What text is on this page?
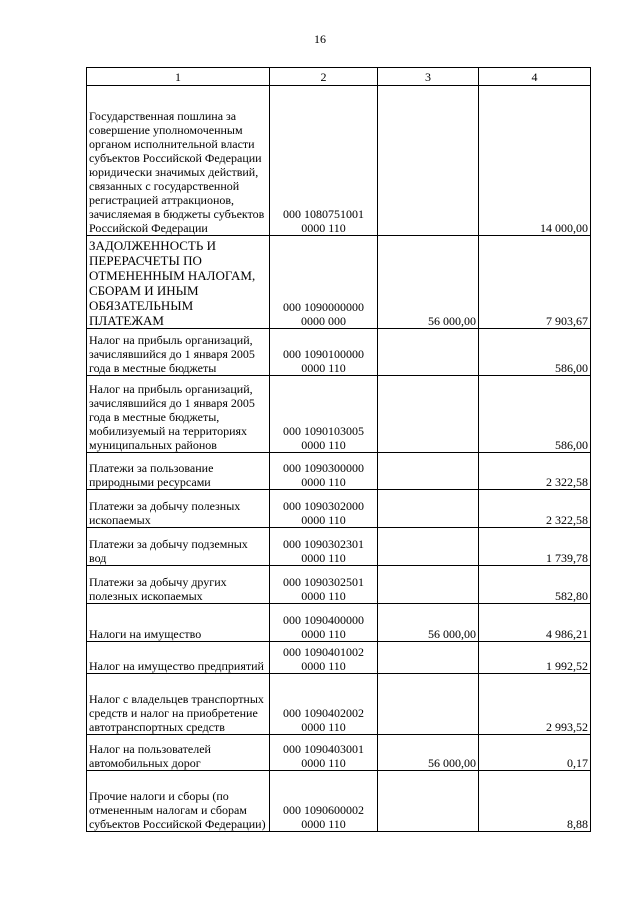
16
1	2	3	4
Государственная пошлина за совершение уполномоченным органом исполнительной власти субъектов Российской Федерации юридически значимых действий, связанных с государственной регистрацией аттракционов, зачисляемая в бюджеты субъектов Российской Федерации	000 1080751001 0000 110		14 000,00
ЗАДОЛЖЕННОСТЬ И ПЕРЕРАСЧЕТЫ ПО ОТМЕНЕННЫМ НАЛОГАМ, СБОРАМ И ИНЫМ ОБЯЗАТЕЛЬНЫМ ПЛАТЕЖАМ	000 1090000000 0000 000	56 000,00	7 903,67
Налог на прибыль организаций, зачислявшийся до 1 января 2005 года в местные бюджеты	000 1090100000 0000 110		586,00
Налог на прибыль организаций, зачислявшийся до 1 января 2005 года в местные бюджеты, мобилизуемый на территориях муниципальных районов	000 1090103005 0000 110		586,00
Платежи за пользование природными ресурсами	000 1090300000 0000 110		2 322,58
Платежи за добычу полезных ископаемых	000 1090302000 0000 110		2 322,58
Платежи за добычу подземных вод	000 1090302301 0000 110		1 739,78
Платежи за добычу других полезных ископаемых	000 1090302501 0000 110		582,80
Налоги на имущество	000 1090400000 0000 110	56 000,00	4 986,21
Налог на имущество предприятий	000 1090401002 0000 110		1 992,52
Налог с владельцев транспортных средств и налог на приобретение автотранспортных средств	000 1090402002 0000 110		2 993,52
Налог на пользователей автомобильных дорог	000 1090403001 0000 110	56 000,00	0,17
Прочие налоги и сборы (по отмененным налогам и сборам субъектов Российской Федерации)	000 1090600002 0000 110		8,88
